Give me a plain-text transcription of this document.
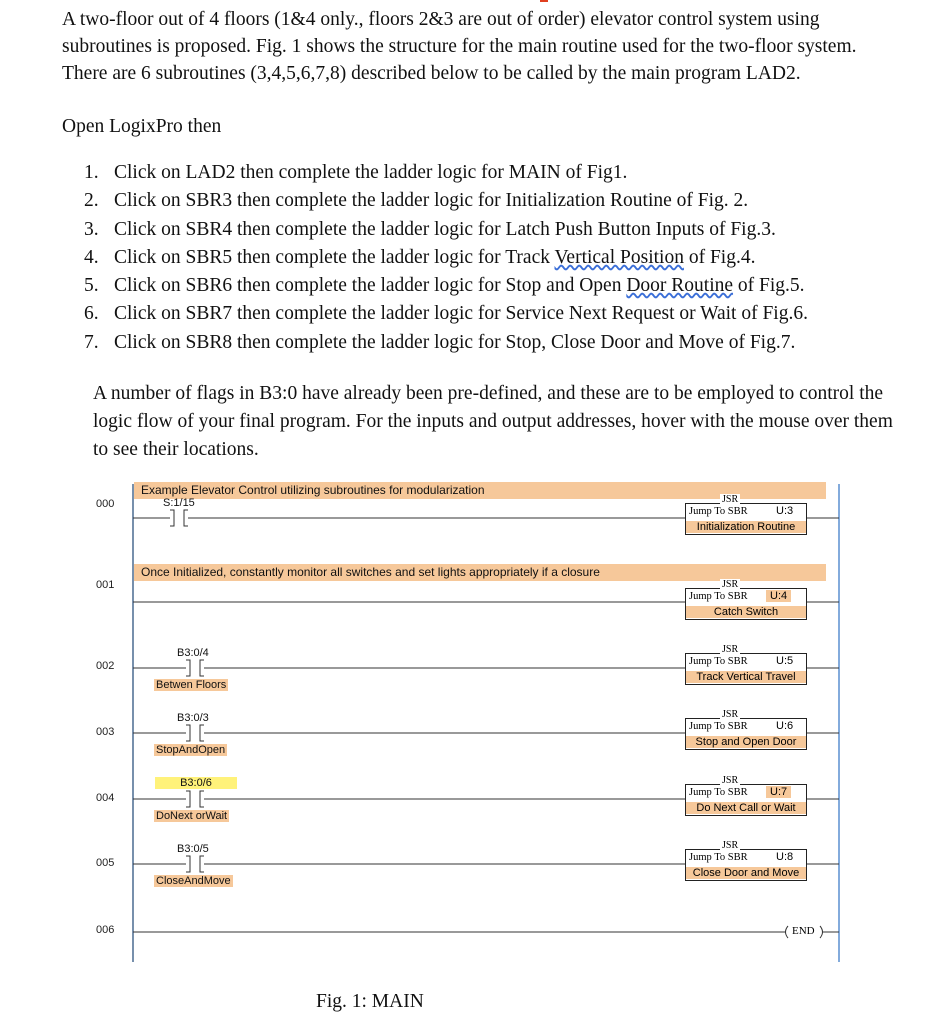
A two-floor out of 4 floors (1&4 only., floors 2&3 are out of order) elevator control system using subroutines is proposed. Fig. 1 shows the structure for the main routine used for the two-floor system. There are 6 subroutines (3,4,5,6,7,8) described below to be called by the main program LAD2.

Open LogixPro then

1. Click on LAD2 then complete the ladder logic for MAIN of Fig1.
2. Click on SBR3 then complete the ladder logic for Initialization Routine of Fig. 2.
3. Click on SBR4 then complete the ladder logic for Latch Push Button Inputs of Fig.3.
4. Click on SBR5 then complete the ladder logic for Track Vertical Position of Fig.4.
5. Click on SBR6 then complete the ladder logic for Stop and Open Door Routine of Fig.5.
6. Click on SBR7 then complete the ladder logic for Service Next Request or Wait of Fig.6.
7. Click on SBR8 then complete the ladder logic for Stop, Close Door and Move of Fig.7.

A number of flags in B3:0 have already been pre-defined, and these are to be employed to control the logic flow of your final program. For the inputs and output addresses, hover with the mouse over them to see their locations.

Example Elevator Control utilizing subroutines for modularization
Once Initialized, constantly monitor all switches and set lights appropriately if a closure
000
001
002
003
004
005
006
S:1/15
B3:0/4
B3:0/3
B3:0/6
B3:0/5
Betwen Floors
StopAndOpen
DoNext orWait
CloseAndMove
JSR
Jump To SBR	U:3
Initialization Routine
JSR
Jump To SBR	U:4
Catch Switch
JSR
Jump To SBR	U:5
Track Vertical Travel
JSR
Jump To SBR	U:6
Stop and Open Door
JSR
Jump To SBR	U:7
Do Next Call or Wait
JSR
Jump To SBR	U:8
Close Door and Move
END
Fig. 1: MAIN
